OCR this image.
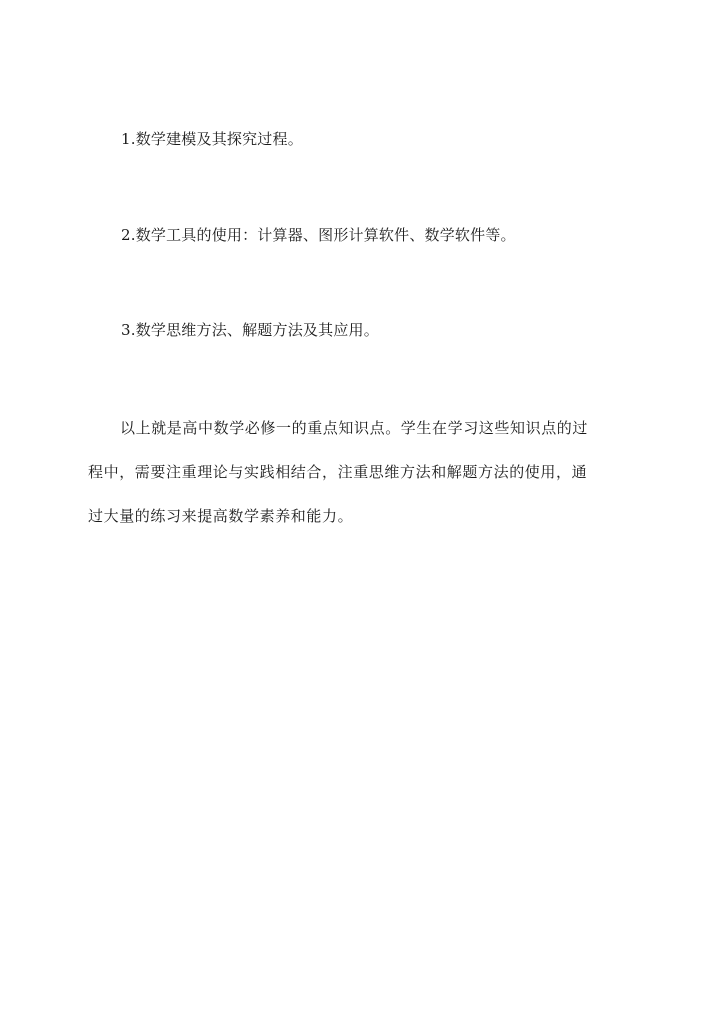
1.数学建模及其探究过程。
2.数学工具的使用：计算器、图形计算软件、数学软件等。
3.数学思维方法、解题方法及其应用。
以上就是高中数学必修一的重点知识点。学生在学习这些知识点的过
程中，需要注重理论与实践相结合，注重思维方法和解题方法的使用，通
过大量的练习来提高数学素养和能力。
